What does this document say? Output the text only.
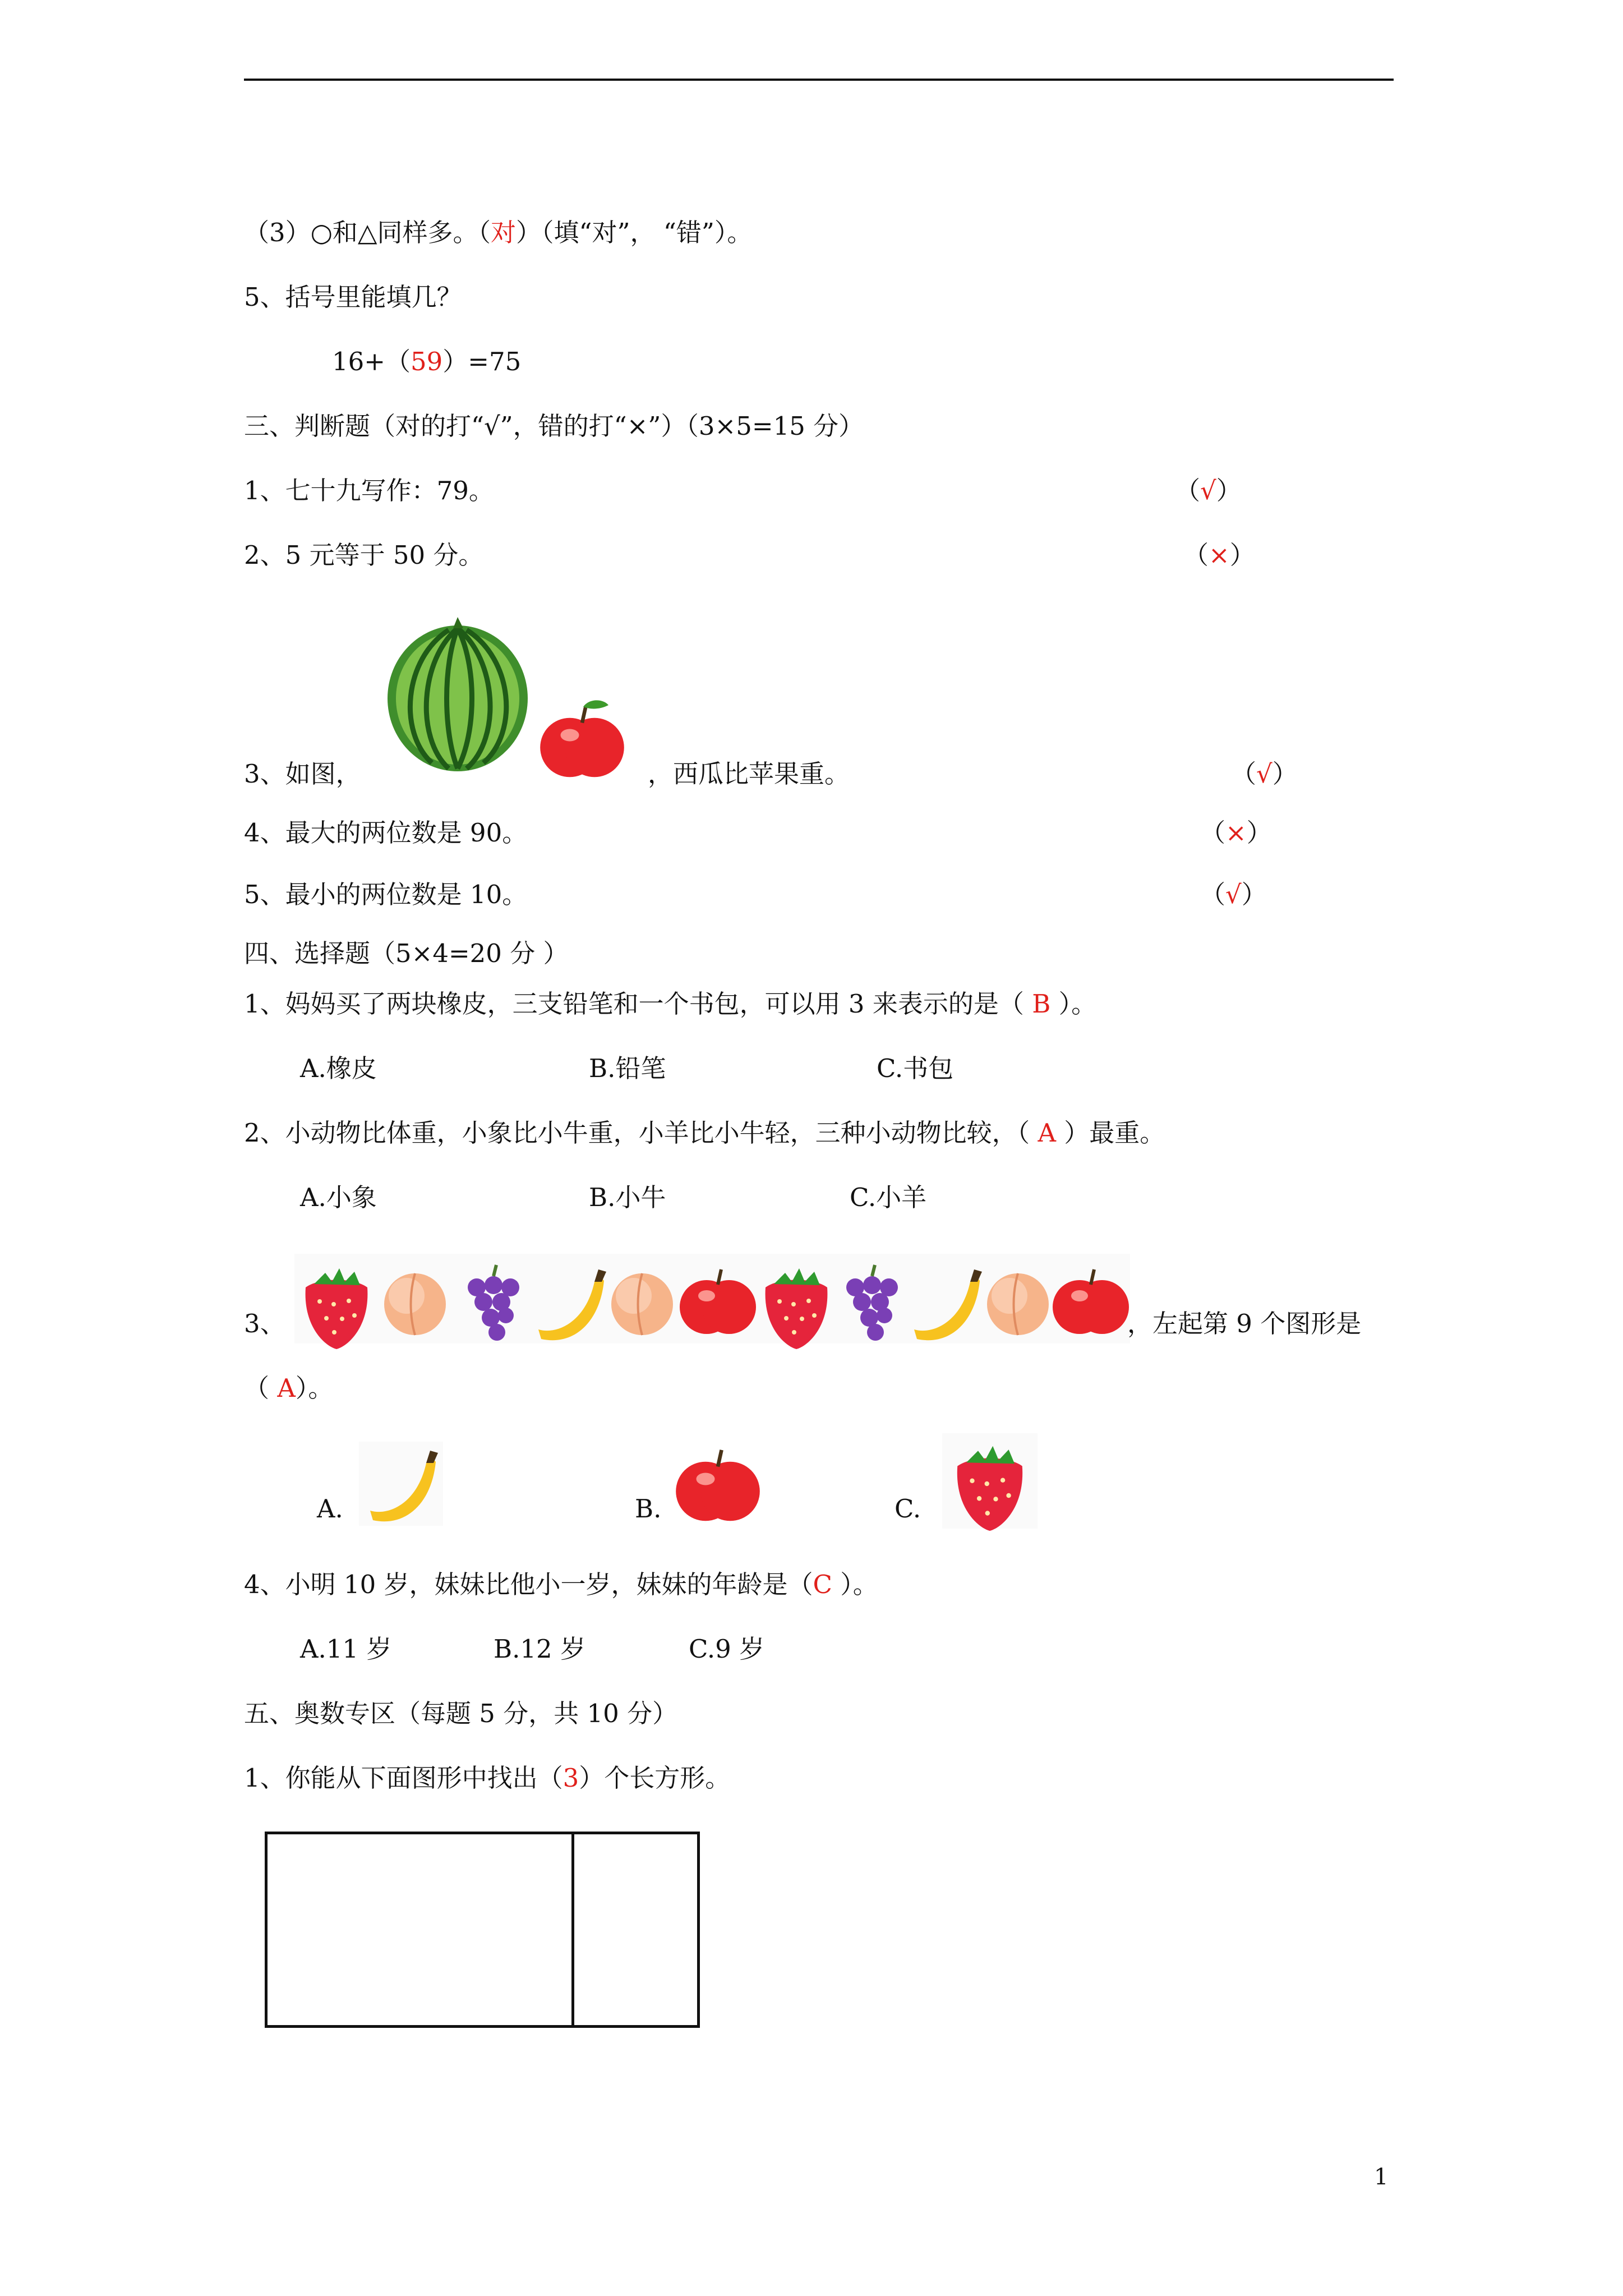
（3）○和△同样多。（对）（填“对”， “错”）。
5、括号里能填几？
16+（59）=75
三、判断题（对的打“√”，错的打“×”）（3×5=15 分）
1、七十九写作：79。	（√）
2、5 元等于 50 分。	（×）
3、如图，	，西瓜比苹果重。	（√）
4、最大的两位数是 90。	（×）
5、最小的两位数是 10。	（√）
四、选择题（5×4=20 分 ）
1、妈妈买了两块橡皮，三支铅笔和一个书包，可以用 3 来表示的是（ B ）。
A.橡皮	B.铅笔	C.书包
2、小动物比体重，小象比小牛重，小羊比小牛轻，三种小动物比较，（ A ）最重。
A.小象	B.小牛	C.小羊
3、	，左起第 9 个图形是
（ A）。
A.	B.	C.
4、小明 10 岁，妹妹比他小一岁，妹妹的年龄是（C ）。
A.11 岁	B.12 岁	C.9 岁
五、奥数专区（每题 5 分，共 10 分）
1、你能从下面图形中找出（3）个长方形。
1
